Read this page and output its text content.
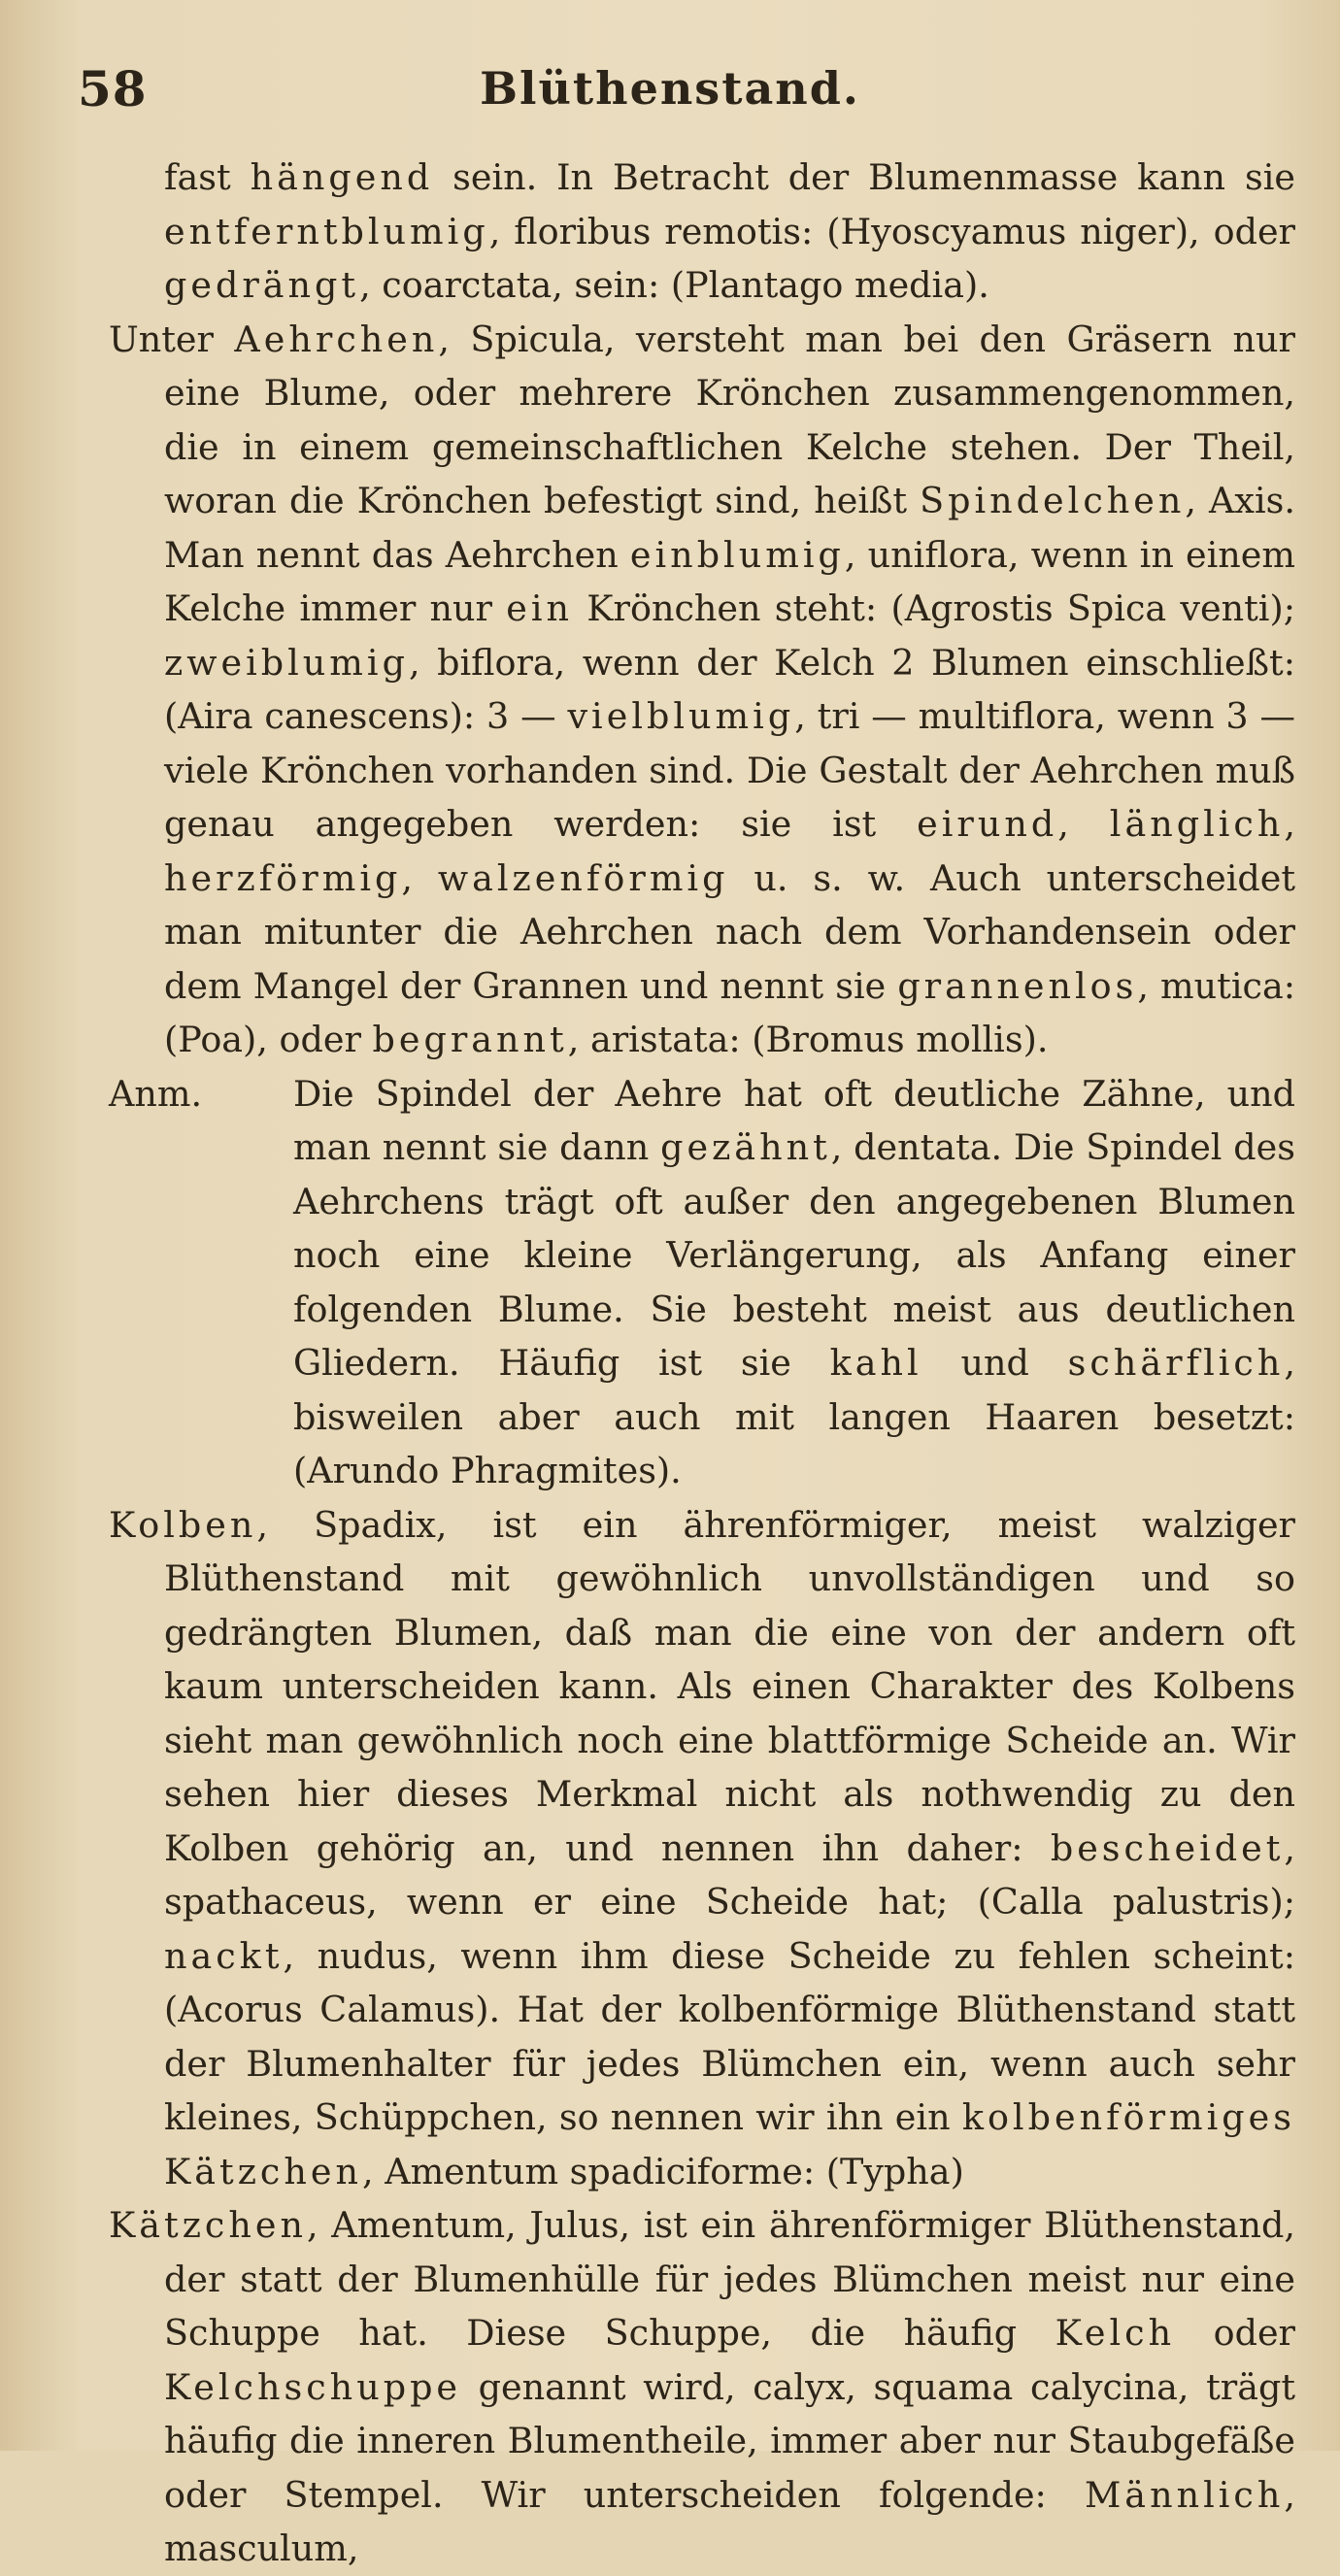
58	Blüthenstand.

fast hängend sein. In Betracht der Blumenmasse kann sie entferntblumig, floribus remotis: (Hyoscyamus niger), oder gedrängt, coarctata, sein: (Plantago media).

Unter Aehrchen, Spicula, versteht man bei den Gräsern nur eine Blume, oder mehrere Krönchen zusammengenommen, die in einem gemeinschaftlichen Kelche stehen. Der Theil, woran die Krönchen befestigt sind, heißt Spindelchen, Axis. Man nennt das Aehrchen einblumig, uniflora, wenn in einem Kelche immer nur ein Krönchen steht: (Agrostis Spica venti); zweiblumig, biflora, wenn der Kelch 2 Blumen einschließt: (Aira canescens): 3 — vielblumig, tri — multiflora, wenn 3 — viele Krönchen vorhanden sind. Die Gestalt der Aehrchen muß genau angegeben werden: sie ist eirund, länglich, herzförmig, walzenförmig u. s. w. Auch unterscheidet man mitunter die Aehrchen nach dem Vorhandensein oder dem Mangel der Grannen und nennt sie grannenlos, mutica: (Poa), oder begrannt, aristata: (Bromus mollis).

Anm.	Die Spindel der Aehre hat oft deutliche Zähne, und man nennt sie dann gezähnt, dentata. Die Spindel des Aehrchens trägt oft außer den angegebenen Blumen noch eine kleine Verlängerung, als Anfang einer folgenden Blume. Sie besteht meist aus deutlichen Gliedern. Häufig ist sie kahl und schärflich, bisweilen aber auch mit langen Haaren besetzt: (Arundo Phragmites).

Kolben, Spadix, ist ein ährenförmiger, meist walziger Blüthenstand mit gewöhnlich unvollständigen und so gedrängten Blumen, daß man die eine von der andern oft kaum unterscheiden kann. Als einen Charakter des Kolbens sieht man gewöhnlich noch eine blattförmige Scheide an. Wir sehen hier dieses Merkmal nicht als nothwendig zu den Kolben gehörig an, und nennen ihn daher: bescheidet, spathaceus, wenn er eine Scheide hat; (Calla palustris); nackt, nudus, wenn ihm diese Scheide zu fehlen scheint: (Acorus Calamus). Hat der kolbenförmige Blüthenstand statt der Blumenhalter für jedes Blümchen ein, wenn auch sehr kleines, Schüppchen, so nennen wir ihn ein kolbenförmiges Kätzchen, Amentum spadiciforme: (Typha)

Kätzchen, Amentum, Julus, ist ein ährenförmiger Blüthenstand, der statt der Blumenhülle für jedes Blümchen meist nur eine Schuppe hat. Diese Schuppe, die häufig Kelch oder Kelchschuppe genannt wird, calyx, squama calycina, trägt häufig die inneren Blumentheile, immer aber nur Staubgefäße oder Stempel. Wir unterscheiden folgende: Männlich, masculum,
